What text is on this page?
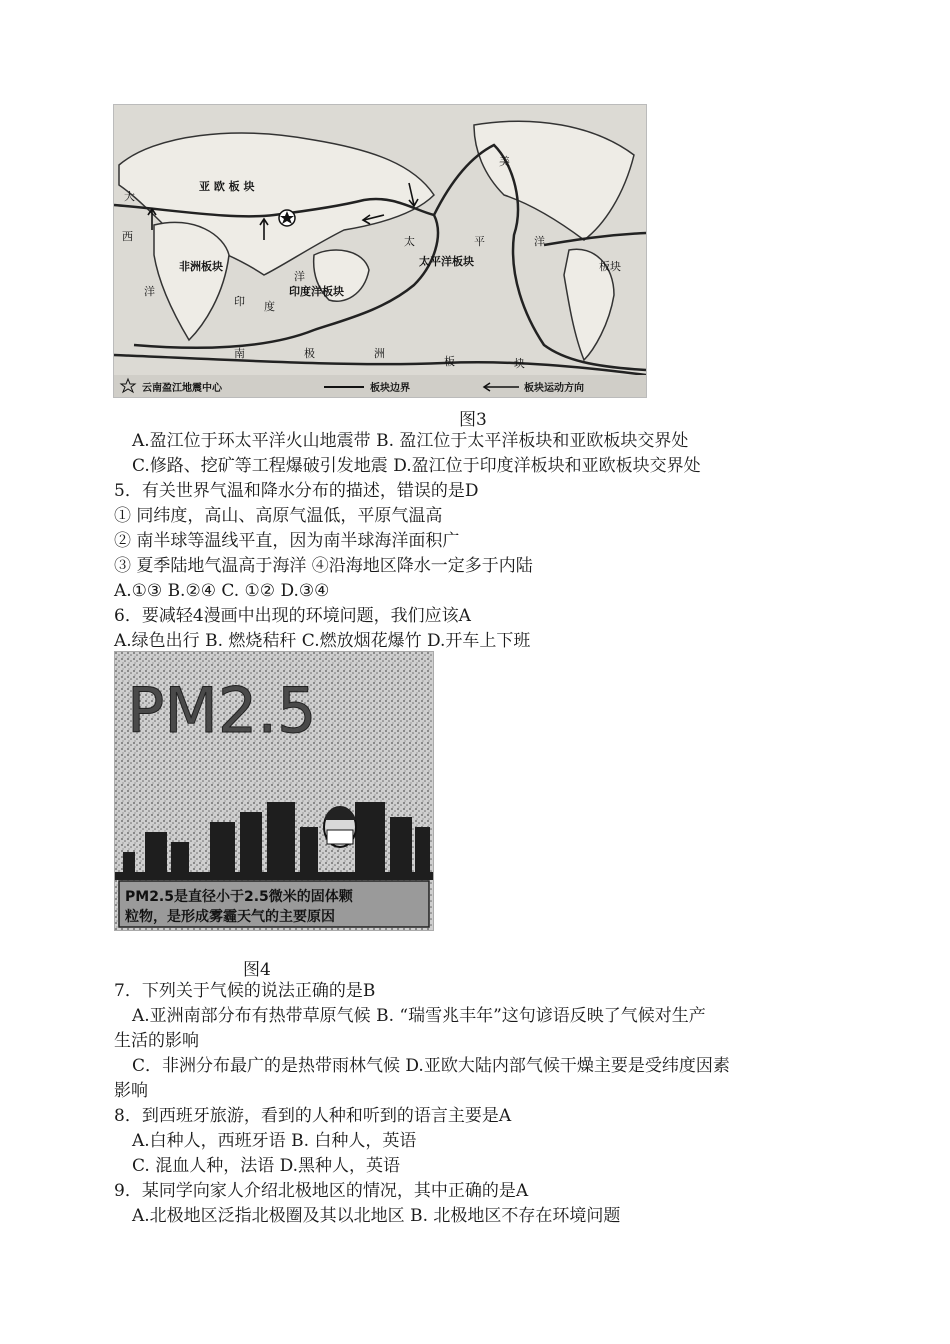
亚 欧 板 块
非洲板块
印度洋板块
太平洋板块
美
板块
南	极	洲
板	块
大
西
洋
印 度
洋
太	平	洋
云南盈江地震中心	板块边界	板块运动方向
图3
A.盈江位于环太平洋火山地震带 B. 盈江位于太平洋板块和亚欧板块交界处
C.修路、挖矿等工程爆破引发地震 D.盈江位于印度洋板块和亚欧板块交界处
5．有关世界气温和降水分布的描述，错误的是D
① 同纬度，高山、高原气温低，平原气温高
② 南半球等温线平直，因为南半球海洋面积广
③ 夏季陆地气温高于海洋 ④沿海地区降水一定多于内陆
A.①③ B.②④ C. ①② D.③④
6．要减轻4漫画中出现的环境问题，我们应该A
A.绿色出行 B. 燃烧秸秆 C.燃放烟花爆竹 D.开车上下班
PM2.5
PM2.5是直径小于2.5微米的固体颗
粒物，是形成雾霾天气的主要原因
图4
7．下列关于气候的说法正确的是B
A.亚洲南部分布有热带草原气候 B. “瑞雪兆丰年”这句谚语反映了气候对生产
生活的影响
C．非洲分布最广的是热带雨林气候 D.亚欧大陆内部气候干燥主要是受纬度因素
影响
8．到西班牙旅游，看到的人种和听到的语言主要是A
A.白种人，西班牙语 B. 白种人，英语
C. 混血人种，法语 D.黑种人，英语
9．某同学向家人介绍北极地区的情况，其中正确的是A
A.北极地区泛指北极圈及其以北地区 B. 北极地区不存在环境问题
